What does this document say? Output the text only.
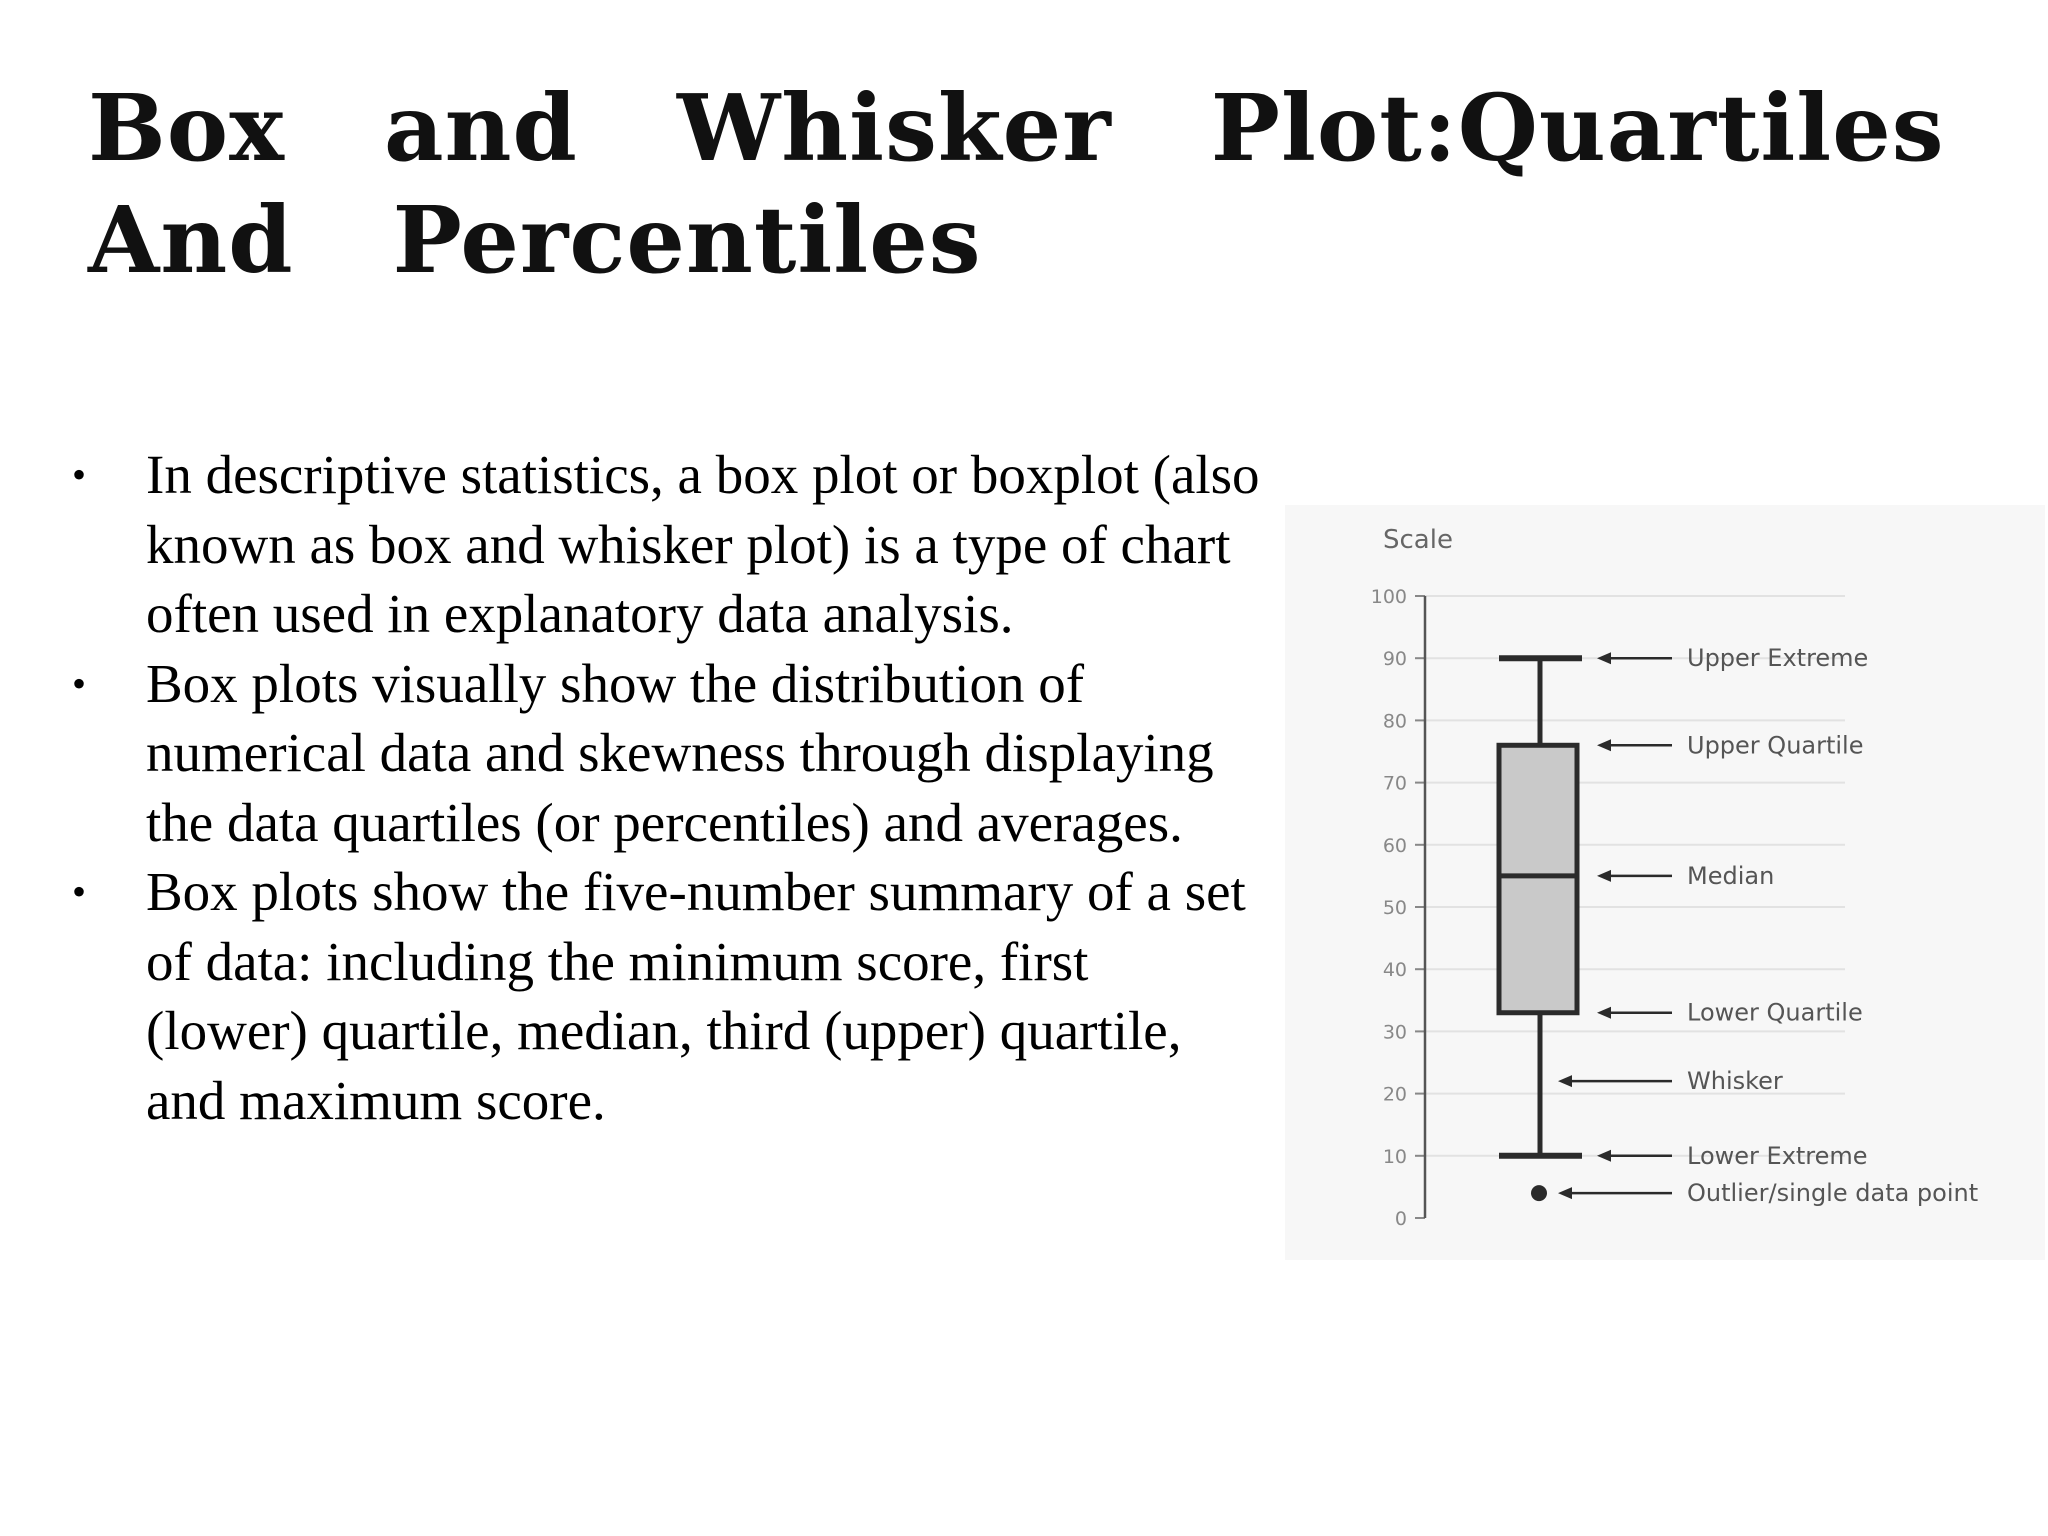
Box   and   Whisker   Plot:Quartiles
And   Percentiles
• In descriptive statistics, a box plot or boxplot (also known as box and whisker plot) is a type of chart often used in explanatory data analysis.
• Box plots visually show the distribution of numerical data and skewness through displaying the data quartiles (or percentiles) and averages.
• Box plots show the five-number summary of a set of data: including the minimum score, first (lower) quartile, median, third (upper) quartile, and maximum score.
Scale
0
10
20
30
40
50
60
70
80
90
100
Upper Extreme
Upper Quartile
Median
Lower Quartile
Whisker
Lower Extreme
Outlier/single data point
